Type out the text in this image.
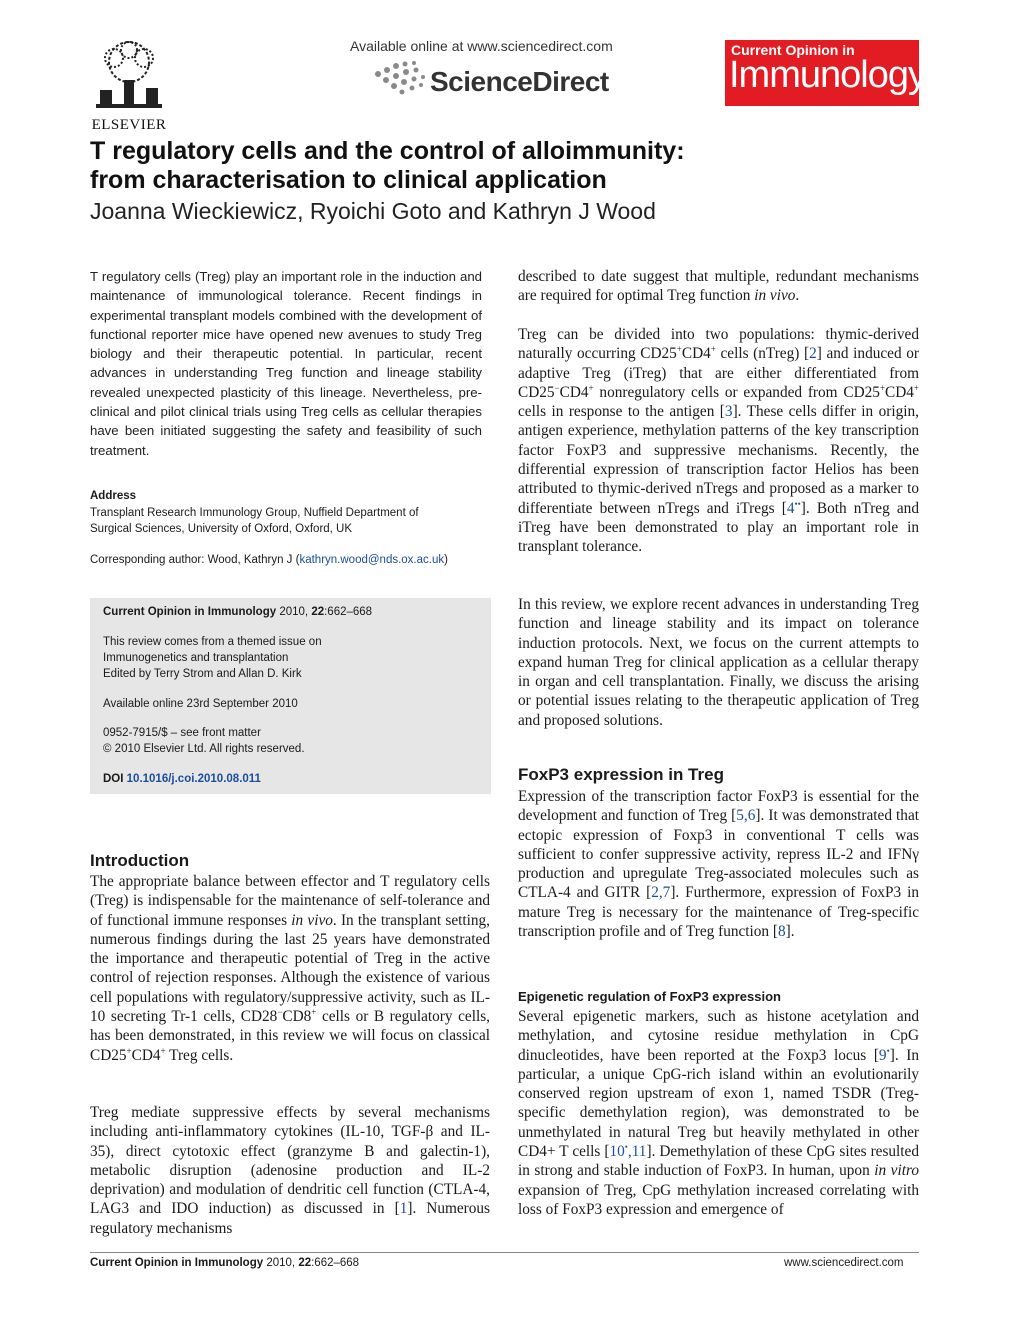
ELSEVIER
Available online at www.sciencedirect.com
ScienceDirect
Current Opinion in
Immunology
T regulatory cells and the control of alloimmunity:
from characterisation to clinical application
Joanna Wieckiewicz, Ryoichi Goto and Kathryn J Wood
T regulatory cells (Treg) play an important role in the induction and maintenance of immunological tolerance. Recent findings in experimental transplant models combined with the development of functional reporter mice have opened new avenues to study Treg biology and their therapeutic potential. In particular, recent advances in understanding Treg function and lineage stability revealed unexpected plasticity of this lineage. Nevertheless, pre-clinical and pilot clinical trials using Treg cells as cellular therapies have been initiated suggesting the safety and feasibility of such treatment.
Address
Transplant Research Immunology Group, Nuffield Department of
Surgical Sciences, University of Oxford, Oxford, UK
Corresponding author: Wood, Kathryn J (kathryn.wood@nds.ox.ac.uk)
Current Opinion in Immunology 2010, 22:662–668
This review comes from a themed issue on
Immunogenetics and transplantation
Edited by Terry Strom and Allan D. Kirk
Available online 23rd September 2010
0952-7915/$ – see front matter
© 2010 Elsevier Ltd. All rights reserved.
DOI 10.1016/j.coi.2010.08.011
Introduction
The appropriate balance between effector and T regulatory cells (Treg) is indispensable for the maintenance of self-tolerance and of functional immune responses in vivo. In the transplant setting, numerous findings during the last 25 years have demonstrated the importance and therapeutic potential of Treg in the active control of rejection responses. Although the existence of various cell populations with regulatory/suppressive activity, such as IL-10 secreting Tr-1 cells, CD28−CD8+ cells or B regulatory cells, has been demonstrated, in this review we will focus on classical CD25+CD4+ Treg cells.
Treg mediate suppressive effects by several mechanisms including anti-inflammatory cytokines (IL-10, TGF-β and IL-35), direct cytotoxic effect (granzyme B and galectin-1), metabolic disruption (adenosine production and IL-2 deprivation) and modulation of dendritic cell function (CTLA-4, LAG3 and IDO induction) as discussed in [1]. Numerous regulatory mechanisms
described to date suggest that multiple, redundant mechanisms are required for optimal Treg function in vivo.
Treg can be divided into two populations: thymic-derived naturally occurring CD25+CD4+ cells (nTreg) [2] and induced or adaptive Treg (iTreg) that are either differentiated from CD25−CD4+ nonregulatory cells or expanded from CD25+CD4+ cells in response to the antigen [3]. These cells differ in origin, antigen experience, methylation patterns of the key transcription factor FoxP3 and suppressive mechanisms. Recently, the differential expression of transcription factor Helios has been attributed to thymic-derived nTregs and proposed as a marker to differentiate between nTregs and iTregs [4••]. Both nTreg and iTreg have been demonstrated to play an important role in transplant tolerance.
In this review, we explore recent advances in understanding Treg function and lineage stability and its impact on tolerance induction protocols. Next, we focus on the current attempts to expand human Treg for clinical application as a cellular therapy in organ and cell transplantation. Finally, we discuss the arising or potential issues relating to the therapeutic application of Treg and proposed solutions.
FoxP3 expression in Treg
Expression of the transcription factor FoxP3 is essential for the development and function of Treg [5,6]. It was demonstrated that ectopic expression of Foxp3 in conventional T cells was sufficient to confer suppressive activity, repress IL-2 and IFNγ production and upregulate Treg-associated molecules such as CTLA-4 and GITR [2,7]. Furthermore, expression of FoxP3 in mature Treg is necessary for the maintenance of Treg-specific transcription profile and of Treg function [8].
Epigenetic regulation of FoxP3 expression
Several epigenetic markers, such as histone acetylation and methylation, and cytosine residue methylation in CpG dinucleotides, have been reported at the Foxp3 locus [9•]. In particular, a unique CpG-rich island within an evolutionarily conserved region upstream of exon 1, named TSDR (Treg-specific demethylation region), was demonstrated to be unmethylated in natural Treg but heavily methylated in other CD4+ T cells [10•,11]. Demethylation of these CpG sites resulted in strong and stable induction of FoxP3. In human, upon in vitro expansion of Treg, CpG methylation increased correlating with loss of FoxP3 expression and emergence of
Current Opinion in Immunology 2010, 22:662–668	www.sciencedirect.com
